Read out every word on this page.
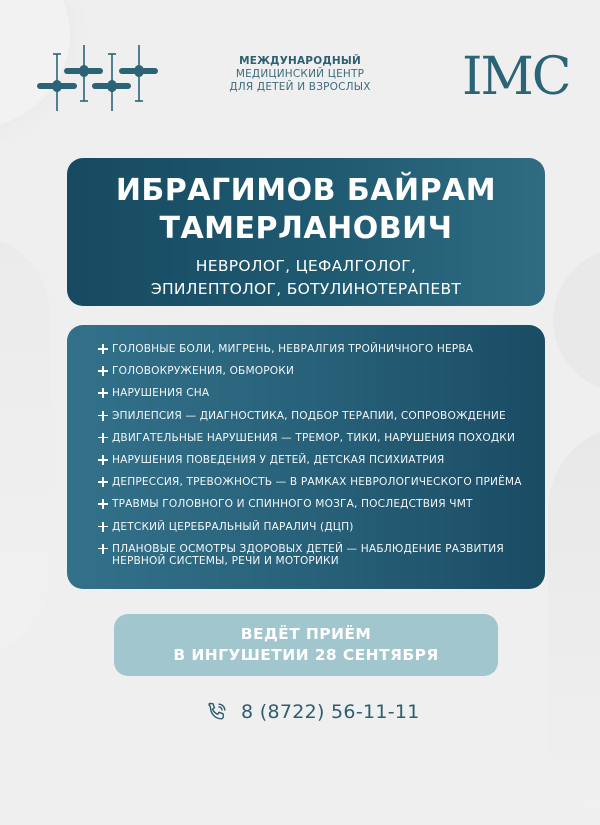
МЕЖДУНАРОДНЫЙ
МЕДИЦИНСКИЙ ЦЕНТР
ДЛЯ ДЕТЕЙ И ВЗРОСЛЫХ	IMC
ИБРАГИМОВ БАЙРАМ
ТАМЕРЛАНОВИЧ
НЕВРОЛОГ, ЦЕФАЛГОЛОГ,
ЭПИЛЕПТОЛОГ, БОТУЛИНОТЕРАПЕВТ
ГОЛОВНЫЕ БОЛИ, МИГРЕНЬ, НЕВРАЛГИЯ ТРОЙНИЧНОГО НЕРВА
ГОЛОВОКРУЖЕНИЯ, ОБМОРОКИ
НАРУШЕНИЯ СНА
ЭПИЛЕПСИЯ — ДИАГНОСТИКА, ПОДБОР ТЕРАПИИ, СОПРОВОЖДЕНИЕ
ДВИГАТЕЛЬНЫЕ НАРУШЕНИЯ — ТРЕМОР, ТИКИ, НАРУШЕНИЯ ПОХОДКИ
НАРУШЕНИЯ ПОВЕДЕНИЯ У ДЕТЕЙ, ДЕТСКАЯ ПСИХИАТРИЯ
ДЕПРЕССИЯ, ТРЕВОЖНОСТЬ — В РАМКАХ НЕВРОЛОГИЧЕСКОГО ПРИЁМА
ТРАВМЫ ГОЛОВНОГО И СПИННОГО МОЗГА, ПОСЛЕДСТВИЯ ЧМТ
ДЕТСКИЙ ЦЕРЕБРАЛЬНЫЙ ПАРАЛИЧ (ДЦП)
ПЛАНОВЫЕ ОСМОТРЫ ЗДОРОВЫХ ДЕТЕЙ — НАБЛЮДЕНИЕ РАЗВИТИЯ НЕРВНОЙ СИСТЕМЫ, РЕЧИ И МОТОРИКИ
ВЕДЁТ ПРИЁМ
В ИНГУШЕТИИ 28 СЕНТЯБРЯ
8 (8722) 56-11-11
